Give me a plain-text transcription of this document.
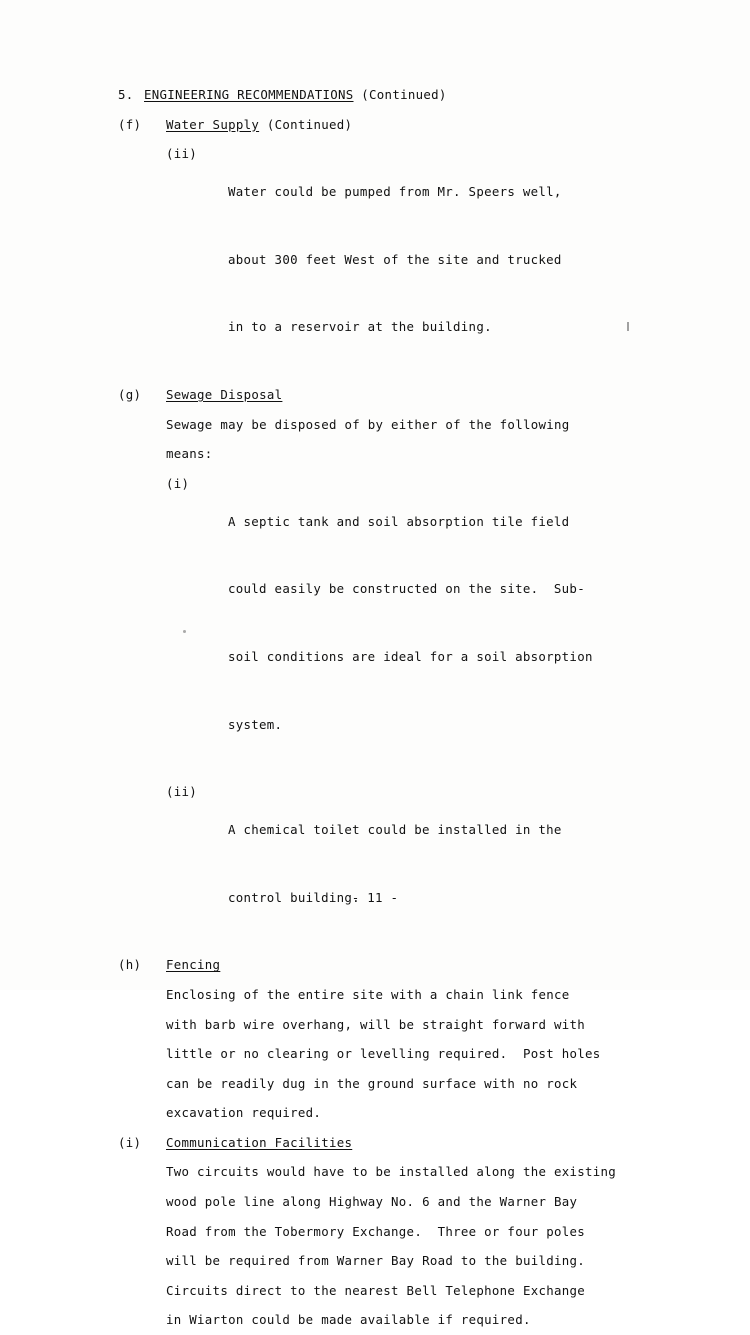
5. ENGINEERING RECOMMENDATIONS (Continued)
(f)	Water Supply (Continued)
(ii)

Water could be pumped from Mr. Speers well,

about 300 feet West of the site and trucked

in to a reservoir at the building.

(g)	Sewage Disposal
Sewage may be disposed of by either of the following
means:
(i)

A septic tank and soil absorption tile field

could easily be constructed on the site.  Sub-

soil conditions are ideal for a soil absorption

system.

(ii)

A chemical toilet could be installed in the

control building.

(h)	Fencing
Enclosing of the entire site with a chain link fence
with barb wire overhang, will be straight forward with
little or no clearing or levelling required.  Post holes
can be readily dug in the ground surface with no rock
excavation required.
(i)	Communication Facilities
Two circuits would have to be installed along the existing
wood pole line along Highway No. 6 and the Warner Bay
Road from the Tobermory Exchange.  Three or four poles
will be required from Warner Bay Road to the building.
Circuits direct to the nearest Bell Telephone Exchange
in Wiarton could be made available if required.
- 11 -
